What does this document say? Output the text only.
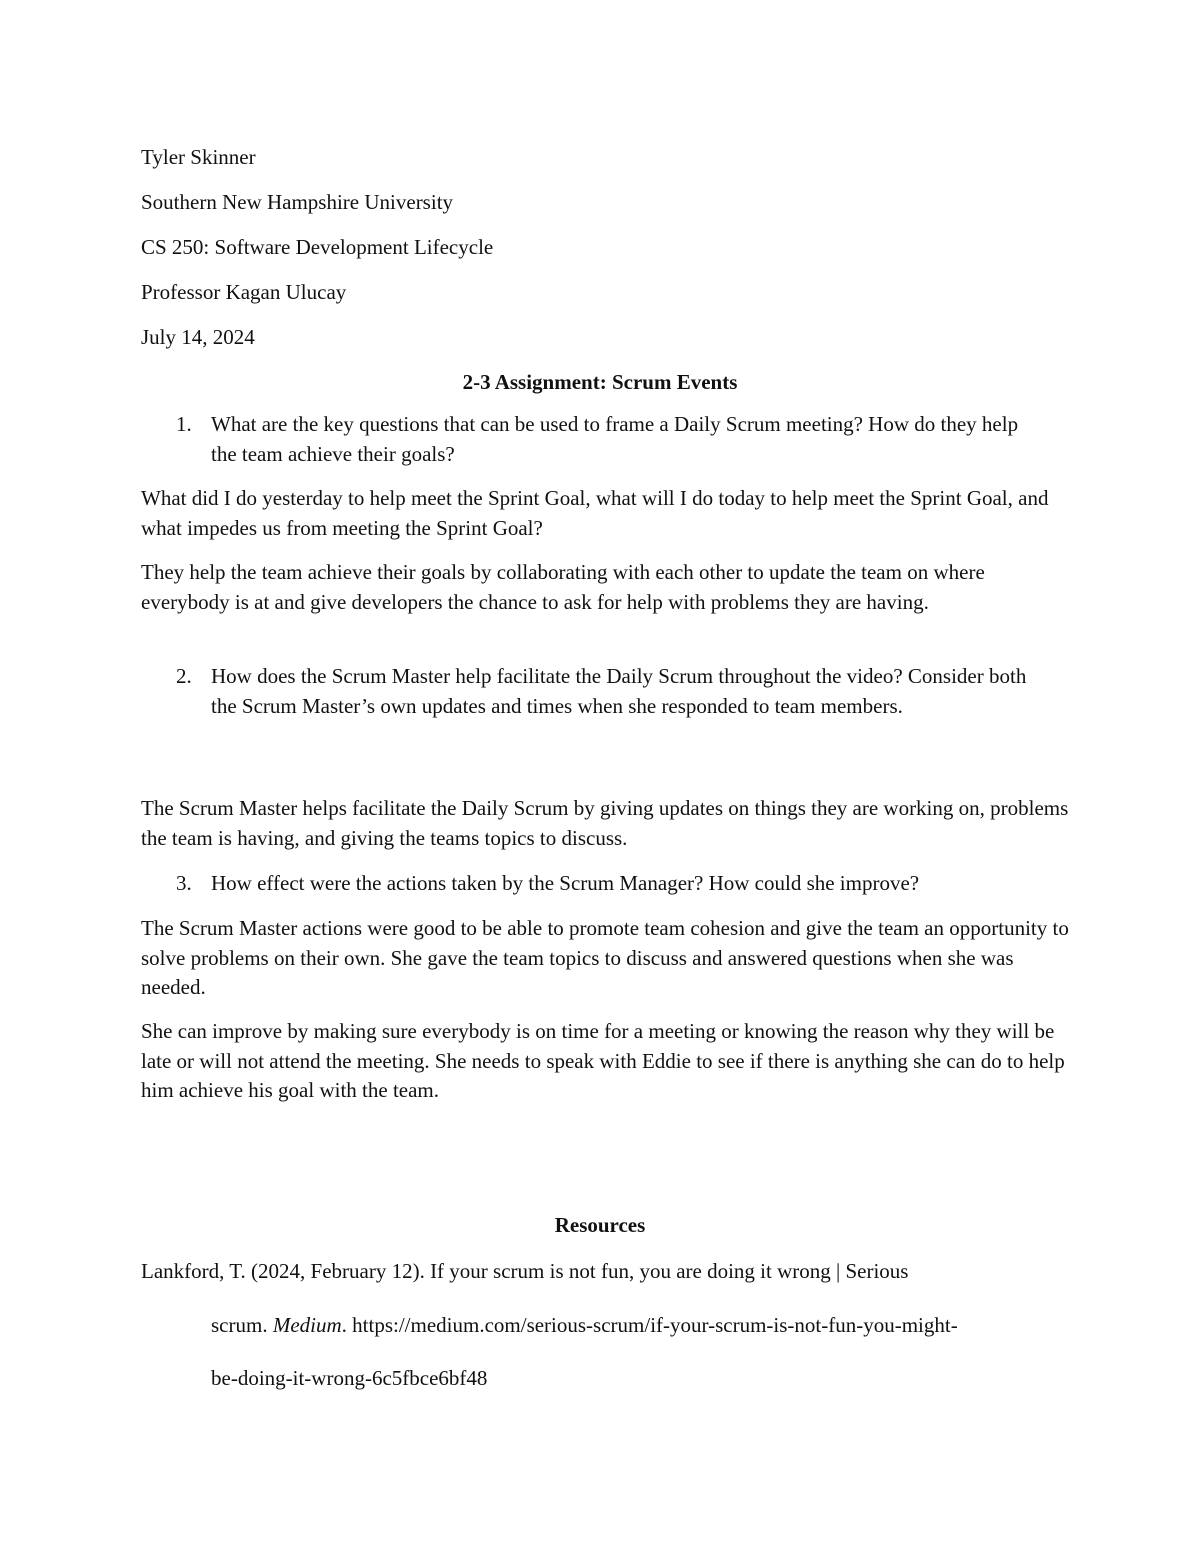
Tyler Skinner
Southern New Hampshire University
CS 250: Software Development Lifecycle
Professor Kagan Ulucay
July 14, 2024
2-3 Assignment: Scrum Events
1. What are the key questions that can be used to frame a Daily Scrum meeting? How do they help the team achieve their goals?
What did I do yesterday to help meet the Sprint Goal, what will I do today to help meet the Sprint Goal, and what impedes us from meeting the Sprint Goal?
They help the team achieve their goals by collaborating with each other to update the team on where everybody is at and give developers the chance to ask for help with problems they are having.
2. How does the Scrum Master help facilitate the Daily Scrum throughout the video? Consider both the Scrum Master’s own updates and times when she responded to team members.
The Scrum Master helps facilitate the Daily Scrum by giving updates on things they are working on, problems the team is having, and giving the teams topics to discuss.
3. How effect were the actions taken by the Scrum Manager? How could she improve?
The Scrum Master actions were good to be able to promote team cohesion and give the team an opportunity to solve problems on their own. She gave the team topics to discuss and answered questions when she was needed.
She can improve by making sure everybody is on time for a meeting or knowing the reason why they will be late or will not attend the meeting. She needs to speak with Eddie to see if there is anything she can do to help him achieve his goal with the team.
Resources
Lankford, T. (2024, February 12). If your scrum is not fun, you are doing it wrong | Serious
scrum. Medium. https://medium.com/serious-scrum/if-your-scrum-is-not-fun-you-might-
be-doing-it-wrong-6c5fbce6bf48
